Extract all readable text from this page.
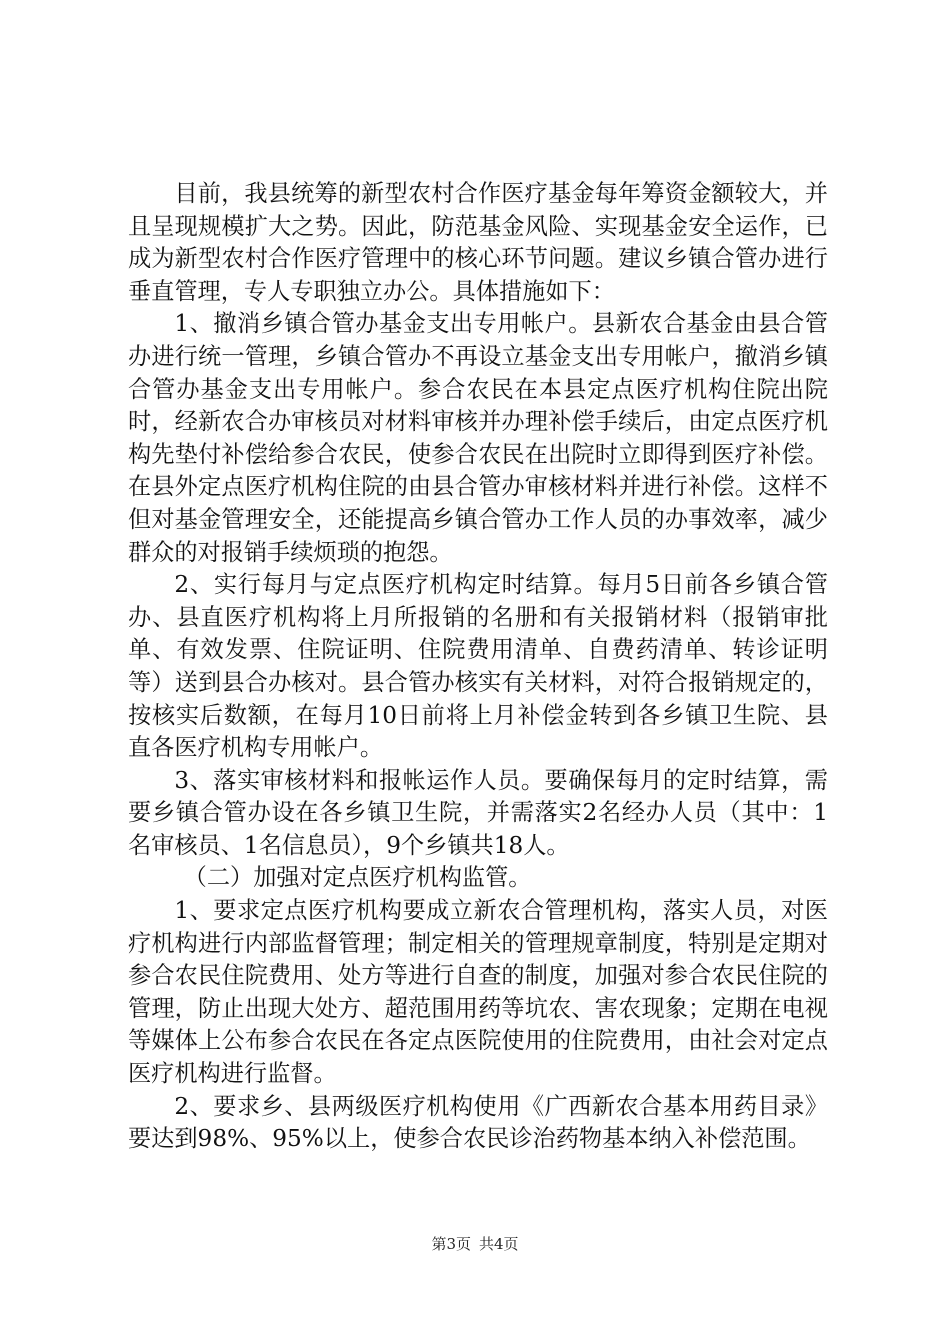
目前，我县统筹的新型农村合作医疗基金每年筹资金额较大，并且呈现规模扩大之势。因此，防范基金风险、实现基金安全运作，已成为新型农村合作医疗管理中的核心环节问题。建议乡镇合管办进行垂直管理，专人专职独立办公。具体措施如下：

1、撤消乡镇合管办基金支出专用帐户。县新农合基金由县合管办进行统一管理，乡镇合管办不再设立基金支出专用帐户，撤消乡镇合管办基金支出专用帐户。参合农民在本县定点医疗机构住院出院时，经新农合办审核员对材料审核并办理补偿手续后，由定点医疗机构先垫付补偿给参合农民，使参合农民在出院时立即得到医疗补偿。在县外定点医疗机构住院的由县合管办审核材料并进行补偿。这样不但对基金管理安全，还能提高乡镇合管办工作人员的办事效率，减少群众的对报销手续烦琐的抱怨。

2、实行每月与定点医疗机构定时结算。每月5日前各乡镇合管办、县直医疗机构将上月所报销的名册和有关报销材料（报销审批单、有效发票、住院证明、住院费用清单、自费药清单、转诊证明等）送到县合办核对。县合管办核实有关材料，对符合报销规定的，按核实后数额，在每月10日前将上月补偿金转到各乡镇卫生院、县直各医疗机构专用帐户。

3、落实审核材料和报帐运作人员。要确保每月的定时结算，需要乡镇合管办设在各乡镇卫生院，并需落实2名经办人员（其中：1名审核员、1名信息员），9个乡镇共18人。

（二）加强对定点医疗机构监管。

1、要求定点医疗机构要成立新农合管理机构，落实人员，对医疗机构进行内部监督管理；制定相关的管理规章制度，特别是定期对参合农民住院费用、处方等进行自查的制度，加强对参合农民住院的管理，防止出现大处方、超范围用药等坑农、害农现象；定期在电视等媒体上公布参合农民在各定点医院使用的住院费用，由社会对定点医疗机构进行监督。

2、要求乡、县两级医疗机构使用《广西新农合基本用药目录》要达到98%、95%以上，使参合农民诊治药物基本纳入补偿范围。

第3页 共4页
